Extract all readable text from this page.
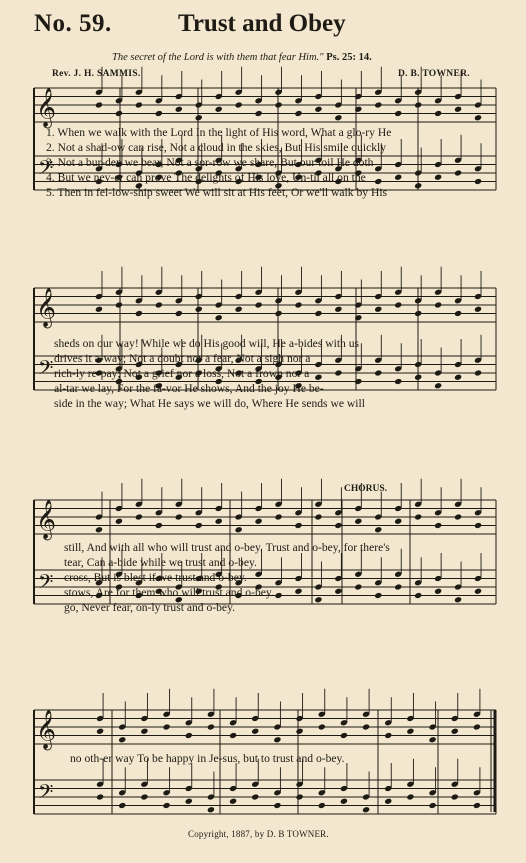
No. 59.	Trust and Obey
The secret of the Lord is with them that fear Him." Ps. 25: 14.
Rev. J. H. SAMMIS.	D. B. TOWNER.
𝄞
𝄢
𝄞
𝄢
𝄞
𝄢
𝄞
𝄢
1. When we walk with the Lord In the light of His word, What a glo-ry He
2. Not a shad-ow can rise, Not a cloud in the skies, But His smile quickly
3. Not a bur-den we bear, Not a sor-row we share, But our toil He doth
4. But we nev-er can prove The delights of His love, Un-til all on the
5. Then in fel-low-ship sweet We will sit at His feet, Or we'll walk by His
sheds on our way! While we do His good will, He a-bides with us
drives it a-way; Not a doubt nor a fear, Not a sigh nor a
rich-ly re-pay; Not a grief nor a loss, Not a frown nor a
al-tar we lay, For the fa-vor He shows, And the joy He be-
side in the way; What He says we will do, Where He sends we will
CHORUS.
still, And with all who will trust and o-bey. Trust and o-bey, for there's
tear, Can a-bide while we trust and o-bey.
cross, But is blest if we trust and o-bey.
stows, Are for them who will trust and o-bey.
go, Never fear, on-ly trust and o-bey.
no oth-er way To be happy in Je-sus, but to trust and o-bey.
Copyright, 1887, by D. B TOWNER.
